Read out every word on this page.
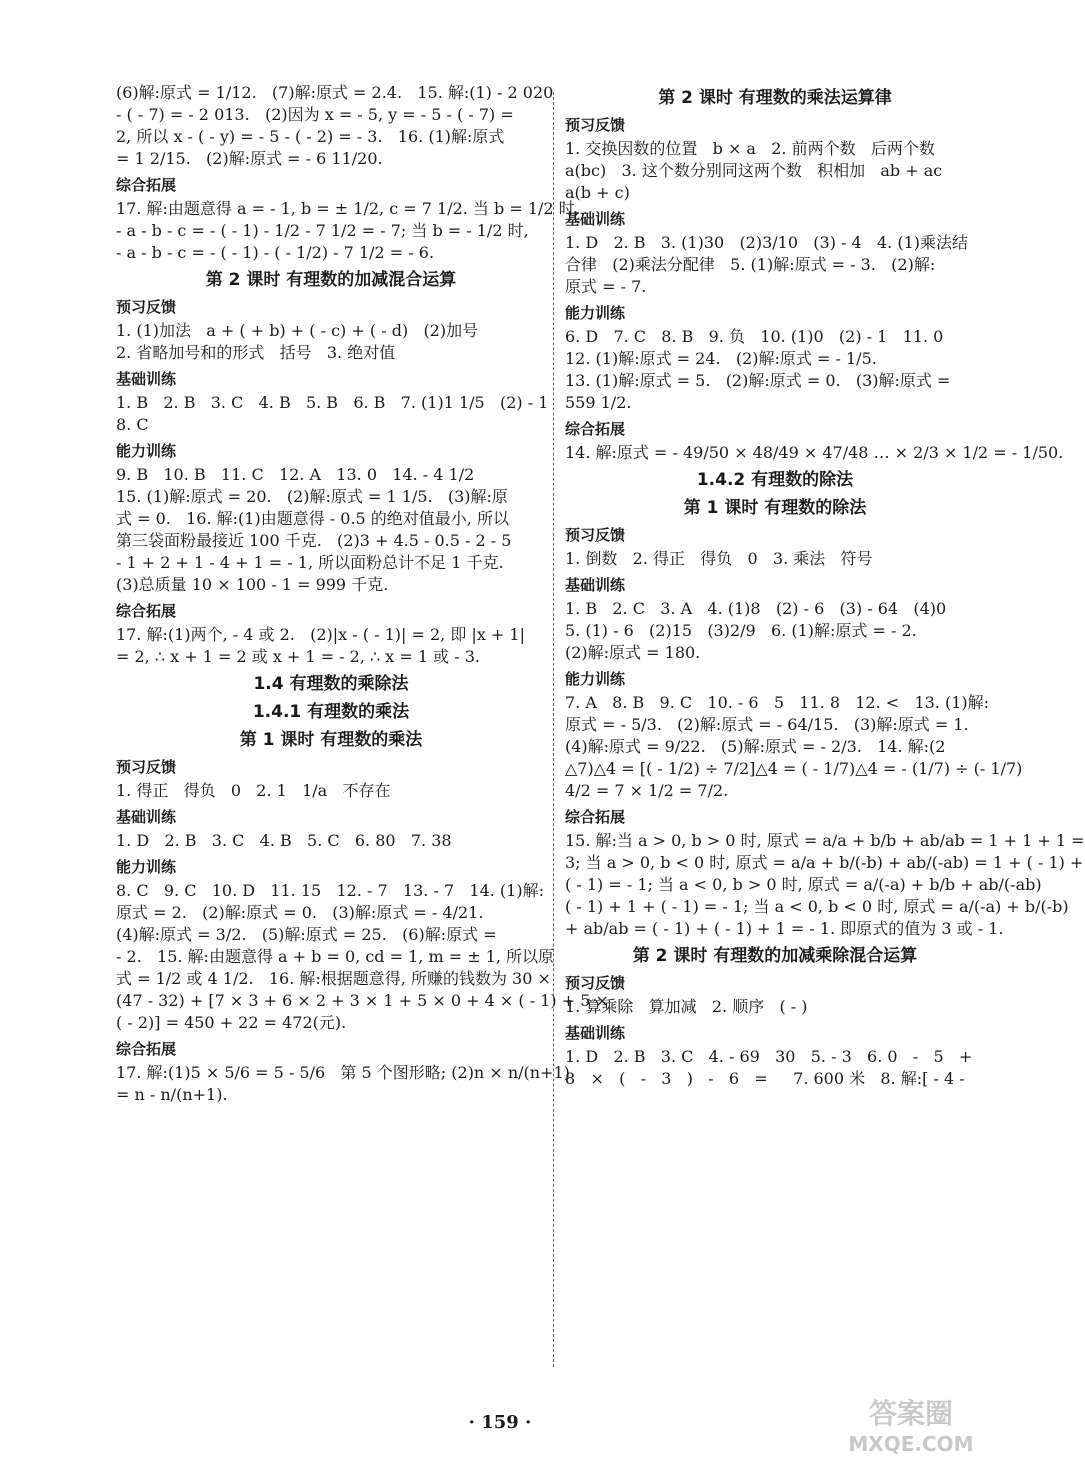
(6)解:原式 = 1/12.   (7)解:原式 = 2.4.   15. 解:(1) - 2 020
- ( - 7) = - 2 013.   (2)因为 x = - 5, y = - 5 - ( - 7) =
2, 所以 x - ( - y) = - 5 - ( - 2) = - 3.   16. (1)解:原式
= 1 2/15.   (2)解:原式 = - 6 11/20.
综合拓展
17. 解:由题意得 a = - 1, b = ± 1/2, c = 7 1/2. 当 b = 1/2 时,
- a - b - c = - ( - 1) - 1/2 - 7 1/2 = - 7; 当 b = - 1/2 时,
- a - b - c = - ( - 1) - ( - 1/2) - 7 1/2 = - 6.
第 2 课时 有理数的加减混合运算
预习反馈
1. (1)加法   a + ( + b) + ( - c) + ( - d)   (2)加号
2. 省略加号和的形式   括号   3. 绝对值
基础训练
1. B   2. B   3. C   4. B   5. B   6. B   7. (1)1 1/5   (2) - 1
8. C
能力训练
9. B   10. B   11. C   12. A   13. 0   14. - 4 1/2
15. (1)解:原式 = 20.   (2)解:原式 = 1 1/5.   (3)解:原
式 = 0.   16. 解:(1)由题意得 - 0.5 的绝对值最小, 所以
第三袋面粉最接近 100 千克.   (2)3 + 4.5 - 0.5 - 2 - 5
- 1 + 2 + 1 - 4 + 1 = - 1, 所以面粉总计不足 1 千克.
(3)总质量 10 × 100 - 1 = 999 千克.
综合拓展
17. 解:(1)两个, - 4 或 2.   (2)|x - ( - 1)| = 2, 即 |x + 1|
= 2, ∴ x + 1 = 2 或 x + 1 = - 2, ∴ x = 1 或 - 3.
1.4 有理数的乘除法
1.4.1 有理数的乘法
第 1 课时 有理数的乘法
预习反馈
1. 得正   得负   0   2. 1   1/a   不存在
基础训练
1. D   2. B   3. C   4. B   5. C   6. 80   7. 38
能力训练
8. C   9. C   10. D   11. 15   12. - 7   13. - 7   14. (1)解:
原式 = 2.   (2)解:原式 = 0.   (3)解:原式 = - 4/21.
(4)解:原式 = 3/2.   (5)解:原式 = 25.   (6)解:原式 =
- 2.   15. 解:由题意得 a + b = 0, cd = 1, m = ± 1, 所以原
式 = 1/2 或 4 1/2.   16. 解:根据题意得, 所赚的钱数为 30 ×
(47 - 32) + [7 × 3 + 6 × 2 + 3 × 1 + 5 × 0 + 4 × ( - 1) + 5 ×
( - 2)] = 450 + 22 = 472(元).
综合拓展
17. 解:(1)5 × 5/6 = 5 - 5/6   第 5 个图形略; (2)n × n/(n+1)
= n - n/(n+1).
第 2 课时 有理数的乘法运算律
预习反馈
1. 交换因数的位置   b × a   2. 前两个数   后两个数
a(bc)   3. 这个数分别同这两个数   积相加   ab + ac
a(b + c)
基础训练
1. D   2. B   3. (1)30   (2)3/10   (3) - 4   4. (1)乘法结
合律   (2)乘法分配律   5. (1)解:原式 = - 3.   (2)解:
原式 = - 7.
能力训练
6. D   7. C   8. B   9. 负   10. (1)0   (2) - 1   11. 0
12. (1)解:原式 = 24.   (2)解:原式 = - 1/5.
13. (1)解:原式 = 5.   (2)解:原式 = 0.   (3)解:原式 =
559 1/2.
综合拓展
14. 解:原式 = - 49/50 × 48/49 × 47/48 … × 2/3 × 1/2 = - 1/50.
1.4.2 有理数的除法
第 1 课时 有理数的除法
预习反馈
1. 倒数   2. 得正   得负   0   3. 乘法   符号
基础训练
1. B   2. C   3. A   4. (1)8   (2) - 6   (3) - 64   (4)0
5. (1) - 6   (2)15   (3)2/9   6. (1)解:原式 = - 2.
(2)解:原式 = 180.
能力训练
7. A   8. B   9. C   10. - 6   5   11. 8   12. <   13. (1)解:
原式 = - 5/3.   (2)解:原式 = - 64/15.   (3)解:原式 = 1.
(4)解:原式 = 9/22.   (5)解:原式 = - 2/3.   14. 解:(2
△7)△4 = [( - 1/2) ÷ 7/2]△4 = ( - 1/7)△4 = - (1/7) ÷ (- 1/7)
4/2 = 7 × 1/2 = 7/2.
综合拓展
15. 解:当 a > 0, b > 0 时, 原式 = a/a + b/b + ab/ab = 1 + 1 + 1 =
3; 当 a > 0, b < 0 时, 原式 = a/a + b/(-b) + ab/(-ab) = 1 + ( - 1) +
( - 1) = - 1; 当 a < 0, b > 0 时, 原式 = a/(-a) + b/b + ab/(-ab)
( - 1) + 1 + ( - 1) = - 1; 当 a < 0, b < 0 时, 原式 = a/(-a) + b/(-b)
+ ab/ab = ( - 1) + ( - 1) + 1 = - 1. 即原式的值为 3 或 - 1.
第 2 课时 有理数的加减乘除混合运算
预习反馈
1. 算乘除   算加减   2. 顺序   ( - )
基础训练
1. D   2. B   3. C   4. - 69   30   5. - 3   6. 0   -   5   +
8   ×   (   -   3   )   -   6   =     7. 600 米   8. 解:[ - 4 -
· 159 ·	答案圈
MXQE.COM
